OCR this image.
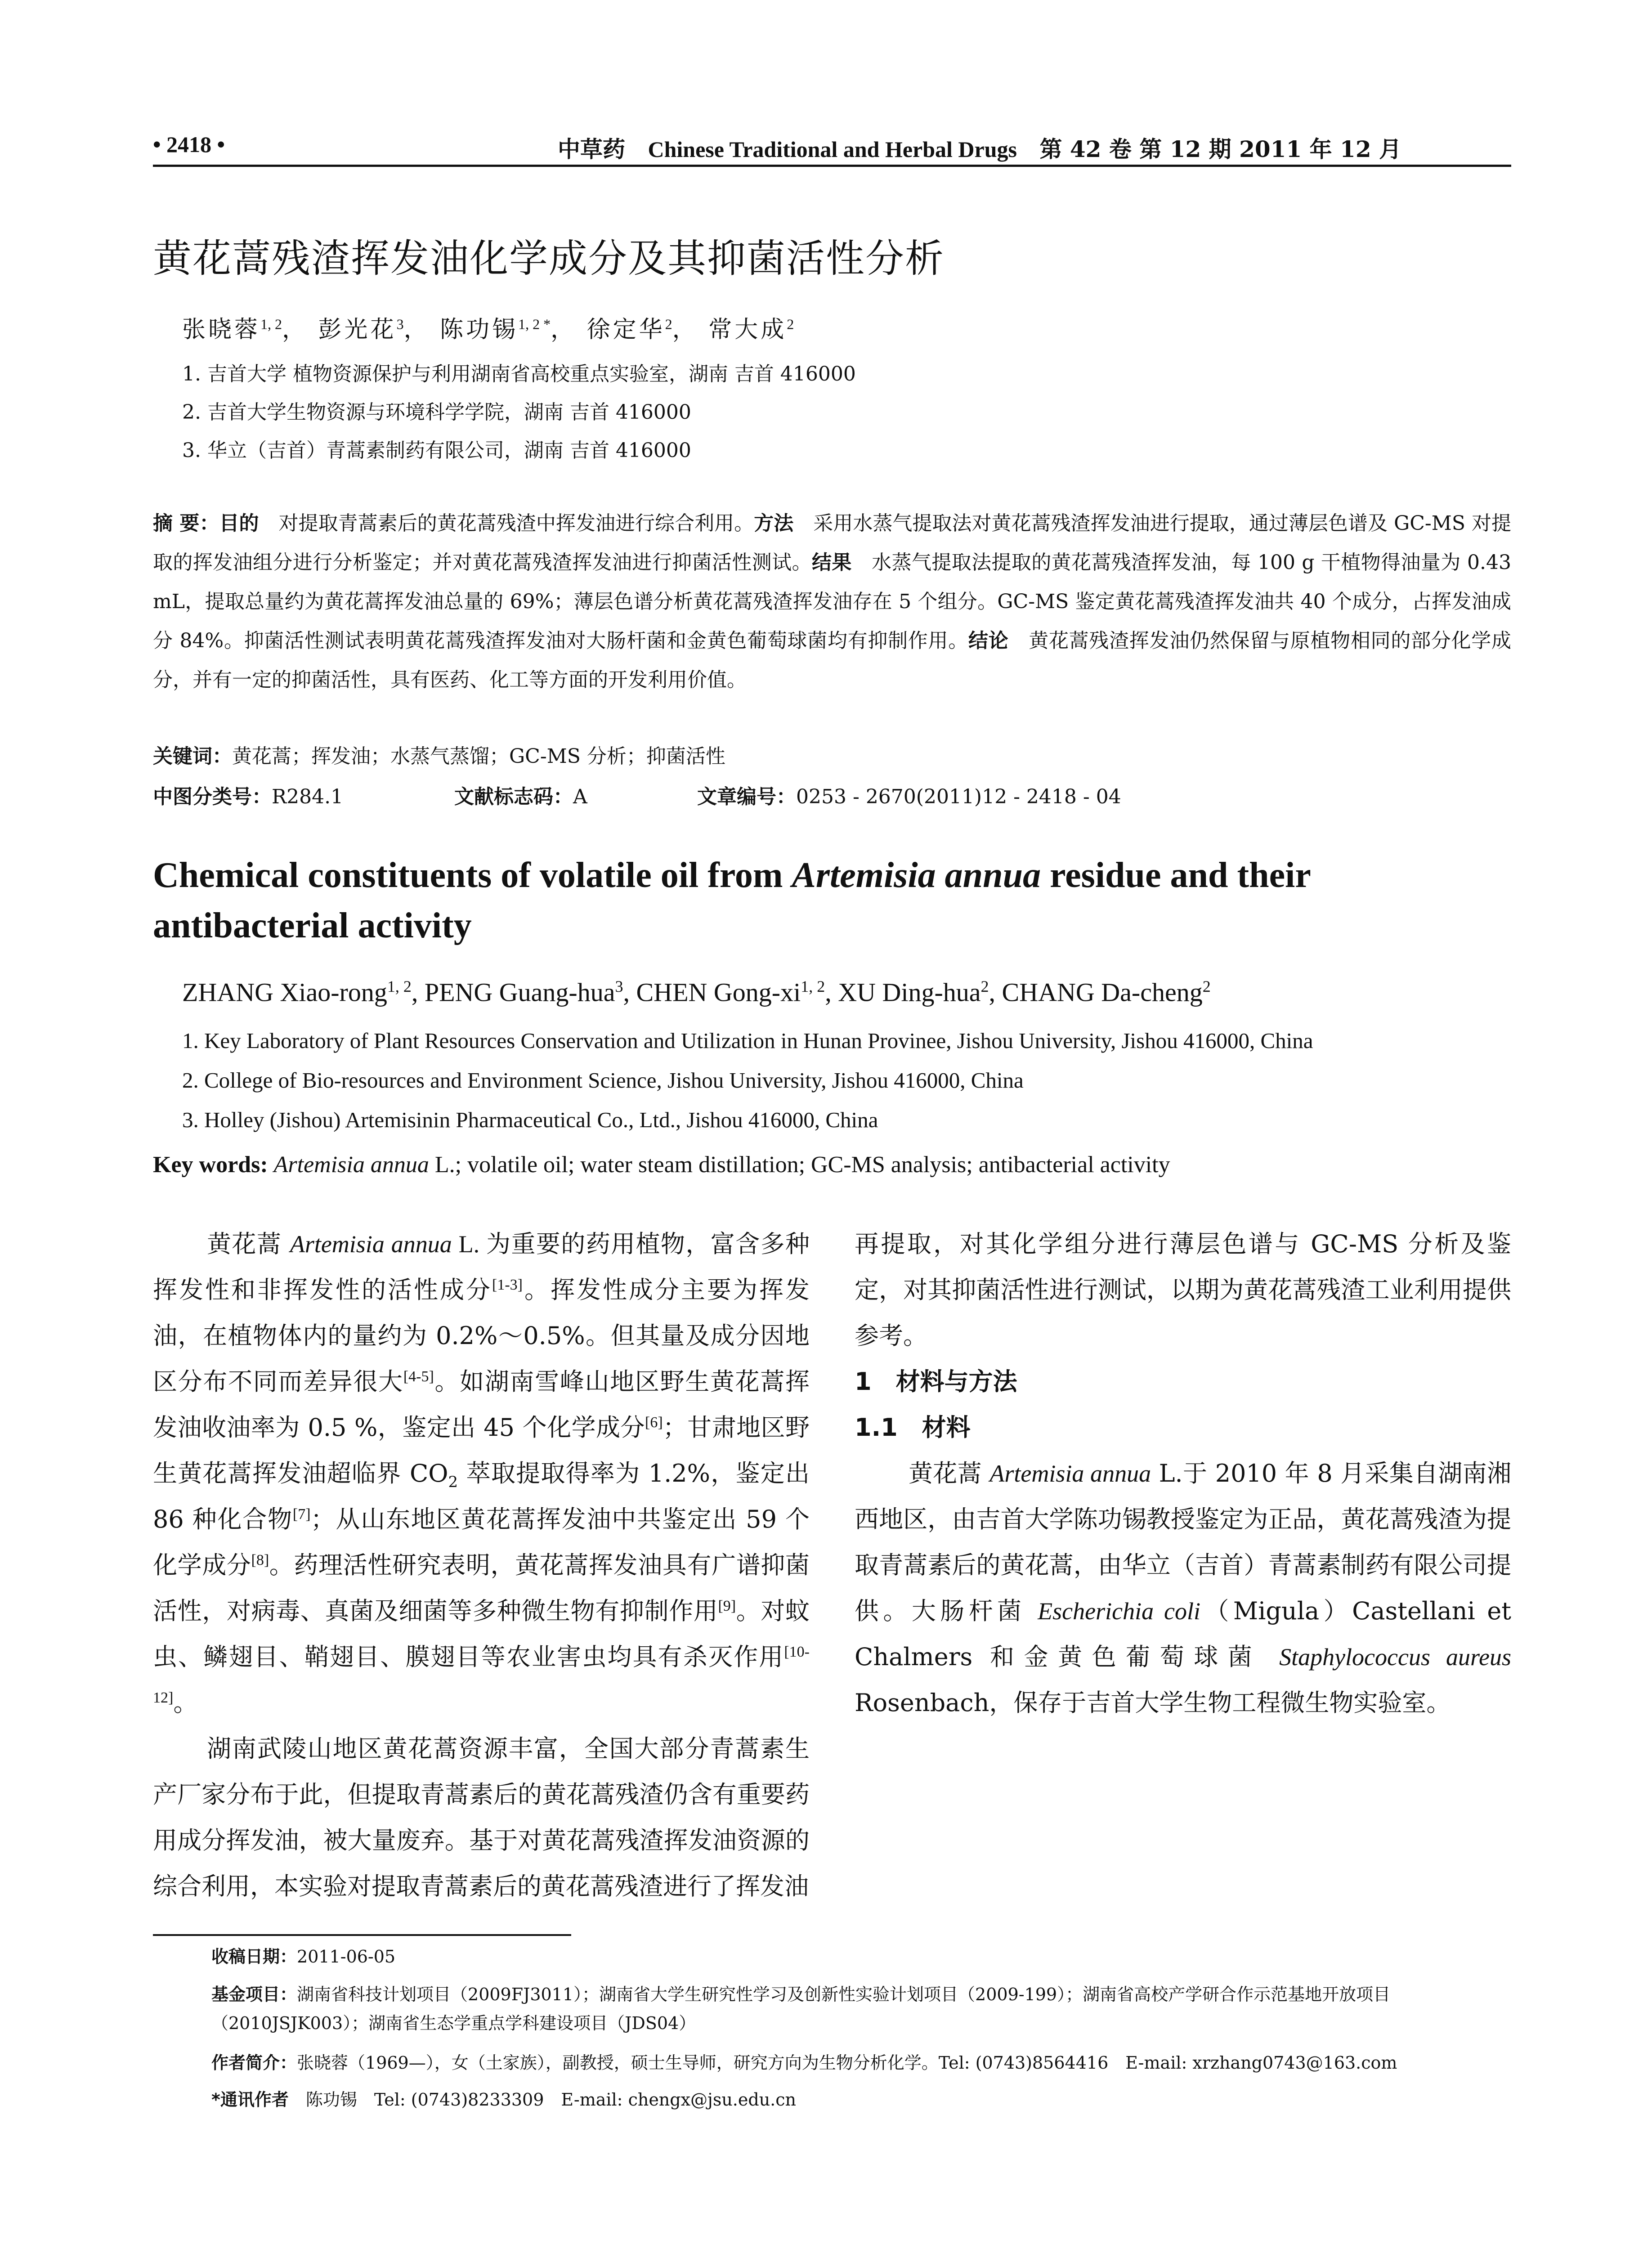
• 2418 •	中草药 Chinese Traditional and Herbal Drugs 第 42 卷 第 12 期 2011 年 12 月
黄花蒿残渣挥发油化学成分及其抑菌活性分析
张晓蓉$^{1, 2}$， 彭光花$^3$， 陈功锡$^{1, 2 *}$， 徐定华$^2$， 常大成$^2$
1. 吉首大学 植物资源保护与利用湖南省高校重点实验室，湖南 吉首 416000
2. 吉首大学生物资源与环境科学学院，湖南 吉首 416000
3. 华立（吉首）青蒿素制药有限公司，湖南 吉首 416000
摘 要：目的　 对提取青蒿素后的黄花蒿残渣中挥发油进行综合利用。方法　 采用水蒸气提取法对黄花蒿残渣挥发油进行提取，通过薄层色谱及 GC-MS 对提取的挥发油组分进行分析鉴定；并对黄花蒿残渣挥发油进行抑菌活性测试。结果　 水蒸气提取法提取的黄花蒿残渣挥发油，每 100 g 干植物得油量为 0.43 mL，提取总量约为黄花蒿挥发油总量的 69%；薄层色谱分析黄花蒿残渣挥发油存在 5 个组分。GC-MS 鉴定黄花蒿残渣挥发油共 40 个成分，占挥发油成分 84%。抑菌活性测试表明黄花蒿残渣挥发油对大肠杆菌和金黄色葡萄球菌均有抑制作用。结论　 黄花蒿残渣挥发油仍然保留与原植物相同的部分化学成分，并有一定的抑菌活性，具有医药、化工等方面的开发利用价值。
关键词：黄花蒿；挥发油；水蒸气蒸馏；GC-MS 分析；抑菌活性
中图分类号：R284.1	文献标志码：A	文章编号：0253 - 2670(2011)12 - 2418 - 04
Chemical constituents of volatile oil from Artemisia annua residue and their antibacterial activity
ZHANG Xiao-rong$^{1, 2}$, PENG Guang-hua$^3$, CHEN Gong-xi$^{1, 2}$, XU Ding-hua$^2$, CHANG Da-cheng$^2$
1. Key Laboratory of Plant Resources Conservation and Utilization in Hunan Provinee, Jishou University, Jishou 416000, China
2. College of Bio-resources and Environment Science, Jishou University, Jishou 416000, China
3. Holley (Jishou) Artemisinin Pharmaceutical Co., Ltd., Jishou 416000, China
Key words: Artemisia annua L.; volatile oil; water steam distillation; GC-MS analysis; antibacterial activity

黄花蒿 Artemisia annua L. 为重要的药用植物，富含多种挥发性和非挥发性的活性成分[1-3]。挥发性成分主要为挥发油，在植物体内的量约为 0.2%～0.5%。但其量及成分因地区分布不同而差异很大[4-5]。如湖南雪峰山地区野生黄花蒿挥发油收油率为 0.5 %，鉴定出 45 个化学成分[6]；甘肃地区野生黄花蒿挥发油超临界 $CO_2$ 萃取提取得率为 1.2%，鉴定出 86 种化合物[7]；从山东地区黄花蒿挥发油中共鉴定出 59 个化学成分[8]。药理活性研究表明，黄花蒿挥发油具有广谱抑菌活性，对病毒、真菌及细菌等多种微生物有抑制作用[9]。对蚊虫、鳞翅目、鞘翅目、膜翅目等农业害虫均具有杀灭作用[10-12]。

湖南武陵山地区黄花蒿资源丰富，全国大部分青蒿素生产厂家分布于此，但提取青蒿素后的黄花蒿残渣仍含有重要药用成分挥发油，被大量废弃。基于对黄花蒿残渣挥发油资源的综合利用，本实验对提取青蒿素后的黄花蒿残渣进行了挥发油

再提取，对其化学组分进行薄层色谱与 GC-MS 分析及鉴定，对其抑菌活性进行测试，以期为黄花蒿残渣工业利用提供参考。

1　材料与方法
1.1　材料

黄花蒿 Artemisia annua L.于 2010 年 8 月采集自湖南湘西地区，由吉首大学陈功锡教授鉴定为正品，黄花蒿残渣为提取青蒿素后的黄花蒿，由华立（吉首）青蒿素制药有限公司提供。大肠杆菌 Escherichia coli（Migula）Castellani et Chalmers 和金黄色葡萄球菌 Staphylococcus aureus Rosenbach，保存于吉首大学生物工程微生物实验室。

收稿日期：2011-06-05
基金项目：湖南省科技计划项目（2009FJ3011）；湖南省大学生研究性学习及创新性实验计划项目（2009-199）；湖南省高校产学研合作示范基地开放项目（2010JSJK003）；湖南省生态学重点学科建设项目（JDS04）
作者简介：张晓蓉（1969—），女（土家族），副教授，硕士生导师，研究方向为生物分析化学。Tel: (0743)8564416　E-mail: xrzhang0743@163.com
*通讯作者　 陈功锡　Tel: (0743)8233309　E-mail: chengx@jsu.edu.cn
